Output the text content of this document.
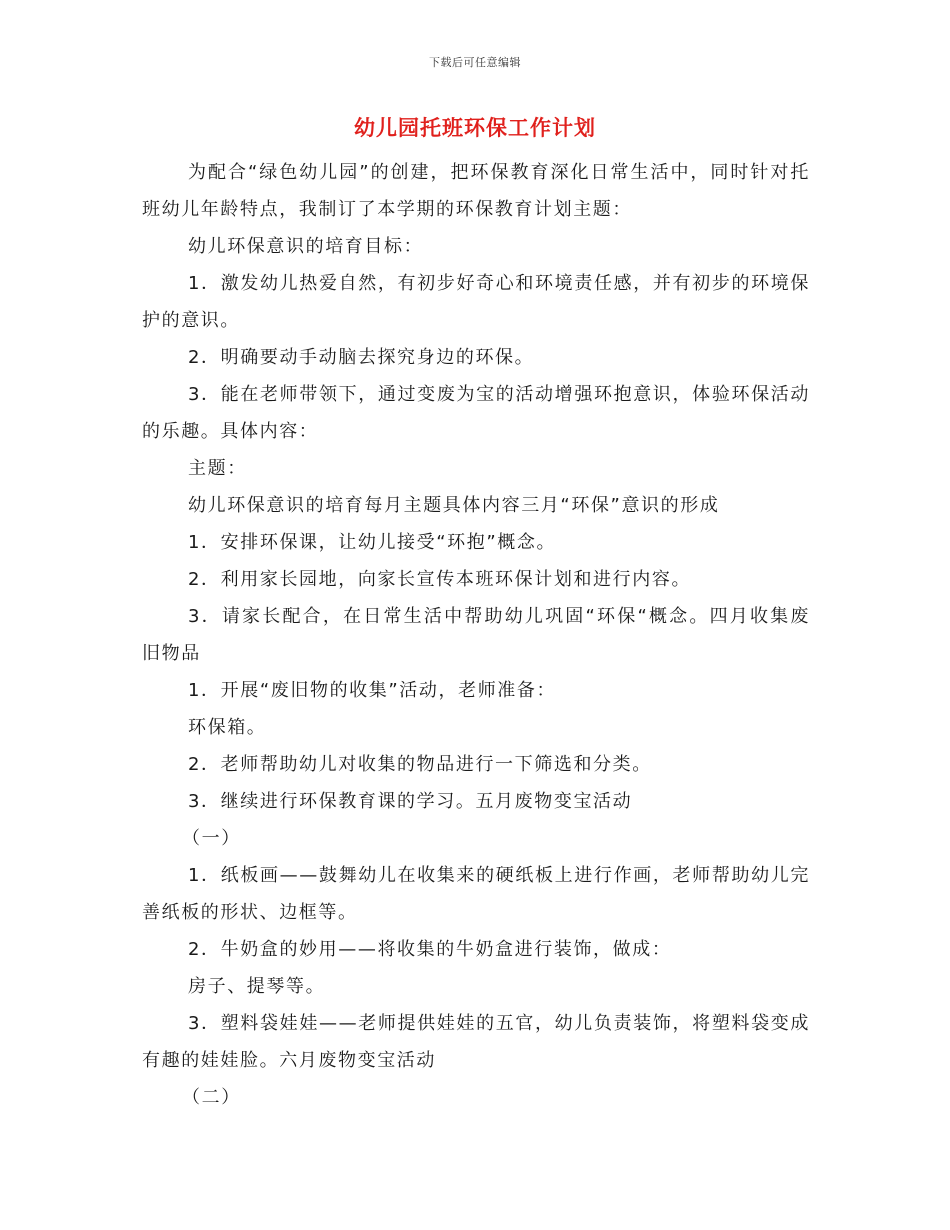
下载后可任意编辑
幼儿园托班环保工作计划

为配合“绿色幼儿园”的创建，把环保教育深化日常生活中，同时针对托班幼儿年龄特点，我制订了本学期的环保教育计划主题：

幼儿环保意识的培育目标：

1．激发幼儿热爱自然，有初步好奇心和环境责任感，并有初步的环境保护的意识。

2．明确要动手动脑去探究身边的环保。

3．能在老师带领下，通过变废为宝的活动增强环抱意识，体验环保活动的乐趣。具体内容：

主题：

幼儿环保意识的培育每月主题具体内容三月“环保”意识的形成

1．安排环保课，让幼儿接受“环抱”概念。

2．利用家长园地，向家长宣传本班环保计划和进行内容。

3．请家长配合，在日常生活中帮助幼儿巩固“环保“概念。四月收集废旧物品

1．开展“废旧物的收集”活动，老师准备：

环保箱。

2．老师帮助幼儿对收集的物品进行一下筛选和分类。

3．继续进行环保教育课的学习。五月废物变宝活动

（一）

1．纸板画——鼓舞幼儿在收集来的硬纸板上进行作画，老师帮助幼儿完善纸板的形状、边框等。

2．牛奶盒的妙用——将收集的牛奶盒进行装饰，做成：

房子、提琴等。

3．塑料袋娃娃——老师提供娃娃的五官，幼儿负责装饰，将塑料袋变成有趣的娃娃脸。六月废物变宝活动

（二）
